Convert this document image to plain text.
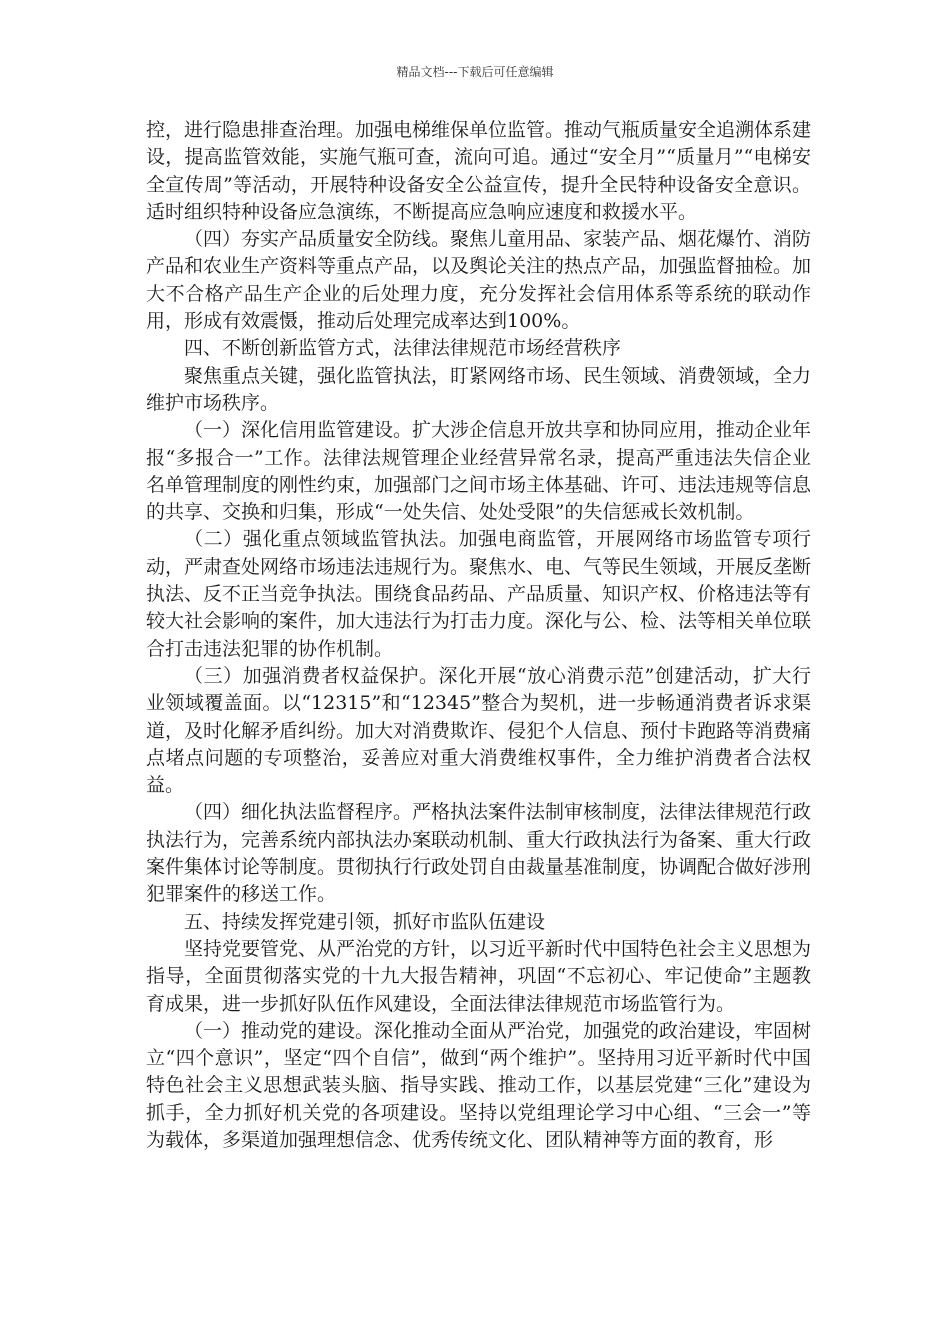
精品文档---下载后可任意编辑

控，进行隐患排查治理。加强电梯维保单位监管。推动气瓶质量安全追溯体系建设，提高监管效能，实施气瓶可查，流向可追。通过“安全月”“质量月”“电梯安全宣传周”等活动，开展特种设备安全公益宣传，提升全民特种设备安全意识。适时组织特种设备应急演练，不断提高应急响应速度和救援水平。

（四）夯实产品质量安全防线。聚焦儿童用品、家装产品、烟花爆竹、消防产品和农业生产资料等重点产品，以及舆论关注的热点产品，加强监督抽检。加大不合格产品生产企业的后处理力度，充分发挥社会信用体系等系统的联动作用，形成有效震慑，推动后处理完成率达到100%。

四、不断创新监管方式，法律法律规范市场经营秩序

聚焦重点关键，强化监管执法，盯紧网络市场、民生领域、消费领域，全力维护市场秩序。

（一）深化信用监管建设。扩大涉企信息开放共享和协同应用，推动企业年报“多报合一”工作。法律法规管理企业经营异常名录，提高严重违法失信企业名单管理制度的刚性约束，加强部门之间市场主体基础、许可、违法违规等信息的共享、交换和归集，形成“一处失信、处处受限”的失信惩戒长效机制。

（二）强化重点领域监管执法。加强电商监管，开展网络市场监管专项行动，严肃查处网络市场违法违规行为。聚焦水、电、气等民生领域，开展反垄断执法、反不正当竞争执法。围绕食品药品、产品质量、知识产权、价格违法等有较大社会影响的案件，加大违法行为打击力度。深化与公、检、法等相关单位联合打击违法犯罪的协作机制。

（三）加强消费者权益保护。深化开展“放心消费示范”创建活动，扩大行业领域覆盖面。以“12315”和“12345”整合为契机，进一步畅通消费者诉求渠道，及时化解矛盾纠纷。加大对消费欺诈、侵犯个人信息、预付卡跑路等消费痛点堵点问题的专项整治，妥善应对重大消费维权事件，全力维护消费者合法权益。

（四）细化执法监督程序。严格执法案件法制审核制度，法律法律规范行政执法行为，完善系统内部执法办案联动机制、重大行政执法行为备案、重大行政案件集体讨论等制度。贯彻执行行政处罚自由裁量基准制度，协调配合做好涉刑犯罪案件的移送工作。

五、持续发挥党建引领，抓好市监队伍建设

坚持党要管党、从严治党的方针，以习近平新时代中国特色社会主义思想为指导，全面贯彻落实党的十九大报告精神，巩固“不忘初心、牢记使命”主题教育成果，进一步抓好队伍作风建设，全面法律法律规范市场监管行为。

（一）推动党的建设。深化推动全面从严治党，加强党的政治建设，牢固树立“四个意识”，坚定“四个自信”，做到“两个维护”。坚持用习近平新时代中国特色社会主义思想武装头脑、指导实践、推动工作，以基层党建“三化”建设为抓手，全力抓好机关党的各项建设。坚持以党组理论学习中心组、“三会一”等为载体，多渠道加强理想信念、优秀传统文化、团队精神等方面的教育，形
